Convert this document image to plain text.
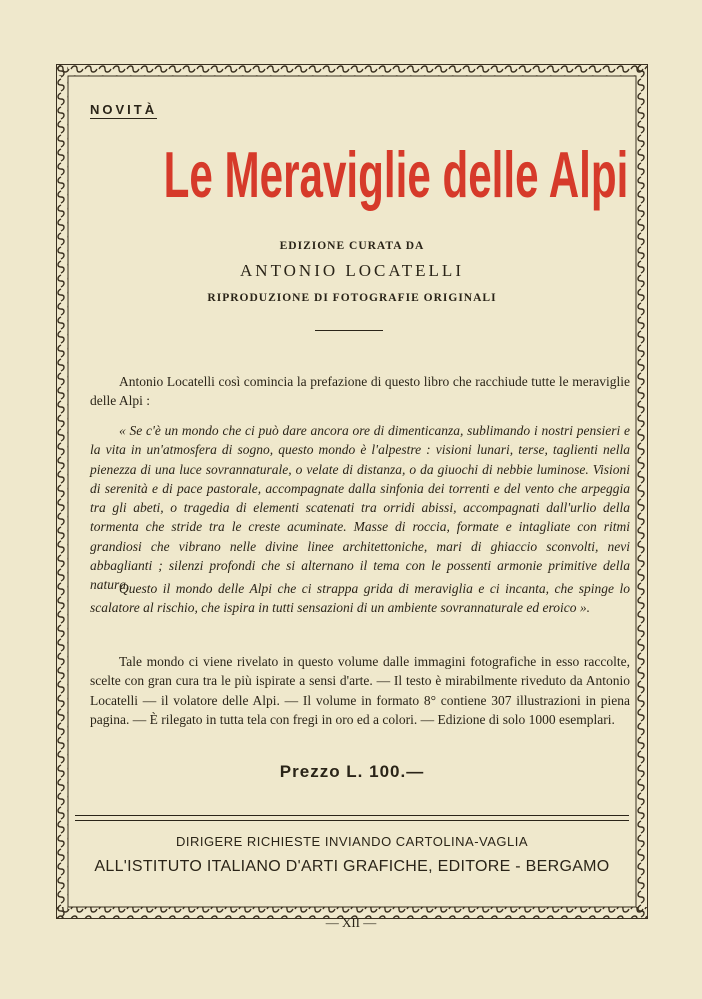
NOVITÀ
Le Meraviglie delle Alpi
EDIZIONE CURATA DA
ANTONIO LOCATELLI
RIPRODUZIONE DI FOTOGRAFIE ORIGINALI
Antonio Locatelli così comincia la prefazione di questo libro che racchiude tutte le meraviglie delle Alpi :
« Se c'è un mondo che ci può dare ancora ore di dimenticanza, sublimando i nostri pensieri e la vita in un'atmosfera di sogno, questo mondo è l'alpestre : visioni lunari, terse, taglienti nella pienezza di una luce sovrannaturale, o velate di distanza, o da giuochi di nebbie luminose. Visioni di serenità e di pace pastorale, accompagnate dalla sinfonia dei torrenti e del vento che arpeggia tra gli abeti, o tragedia di elementi scatenati tra orridi abissi, accompagnati dall'urlio della tormenta che stride tra le creste acuminate. Masse di roccia, formate e intagliate con ritmi grandiosi che vibrano nelle divine linee architettoniche, mari di ghiaccio sconvolti, nevi abbaglianti ; silenzi profondi che si alternano il tema con le possenti armonie primitive della natura.
Questo il mondo delle Alpi che ci strappa grida di meraviglia e ci incanta, che spinge lo scalatore al rischio, che ispira in tutti sensazioni di un ambiente sovrannaturale ed eroico ».
Tale mondo ci viene rivelato in questo volume dalle immagini fotografiche in esso raccolte, scelte con gran cura tra le più ispirate a sensi d'arte. — Il testo è mirabilmente riveduto da Antonio Locatelli — il volatore delle Alpi. — Il volume in formato 8° contiene 307 illustrazioni in piena pagina. — È rilegato in tutta tela con fregi in oro ed a colori. — Edizione di solo 1000 esemplari.
Prezzo L. 100.—
DIRIGERE RICHIESTE INVIANDO CARTOLINA-VAGLIA
ALL'ISTITUTO ITALIANO D'ARTI GRAFICHE, EDITORE - BERGAMO
— XII —
